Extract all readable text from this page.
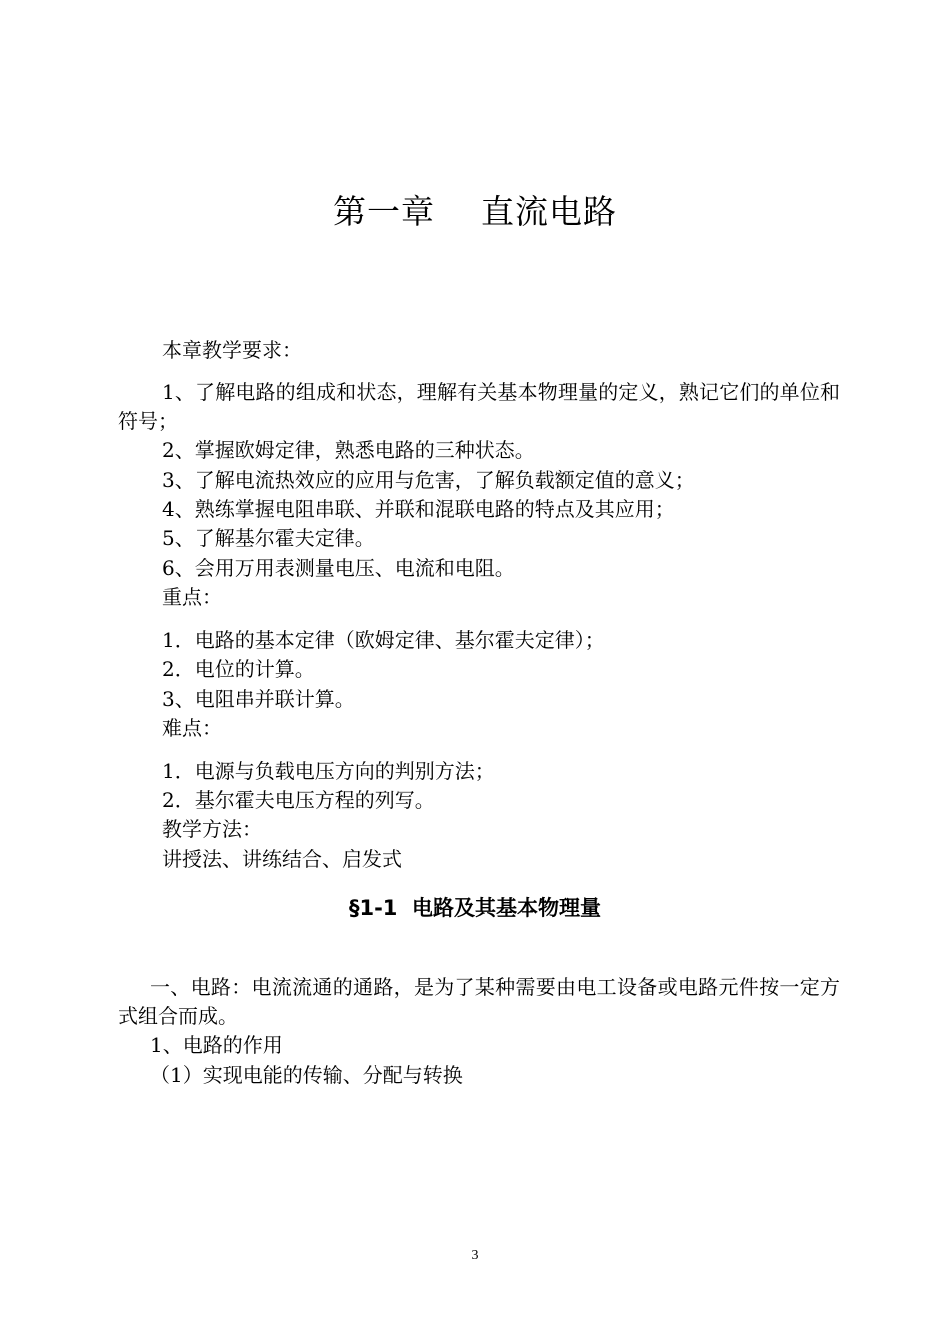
第一章    直流电路
本章教学要求：
1、了解电路的组成和状态，理解有关基本物理量的定义，熟记它们的单位和符号；
2、掌握欧姆定律，熟悉电路的三种状态。
3、了解电流热效应的应用与危害，了解负载额定值的意义；
4、熟练掌握电阻串联、并联和混联电路的特点及其应用；
5、了解基尔霍夫定律。
6、会用万用表测量电压、电流和电阻。
重点：
1．电路的基本定律（欧姆定律、基尔霍夫定律）；
2．电位的计算。
3、电阻串并联计算。
难点：
1．电源与负载电压方向的判别方法；
2．基尔霍夫电压方程的列写。
教学方法：
讲授法、讲练结合、启发式
§1-1  电路及其基本物理量
一、电路：电流流通的通路，是为了某种需要由电工设备或电路元件按一定方式组合而成。
1、电路的作用
（1）实现电能的传输、分配与转换
3
